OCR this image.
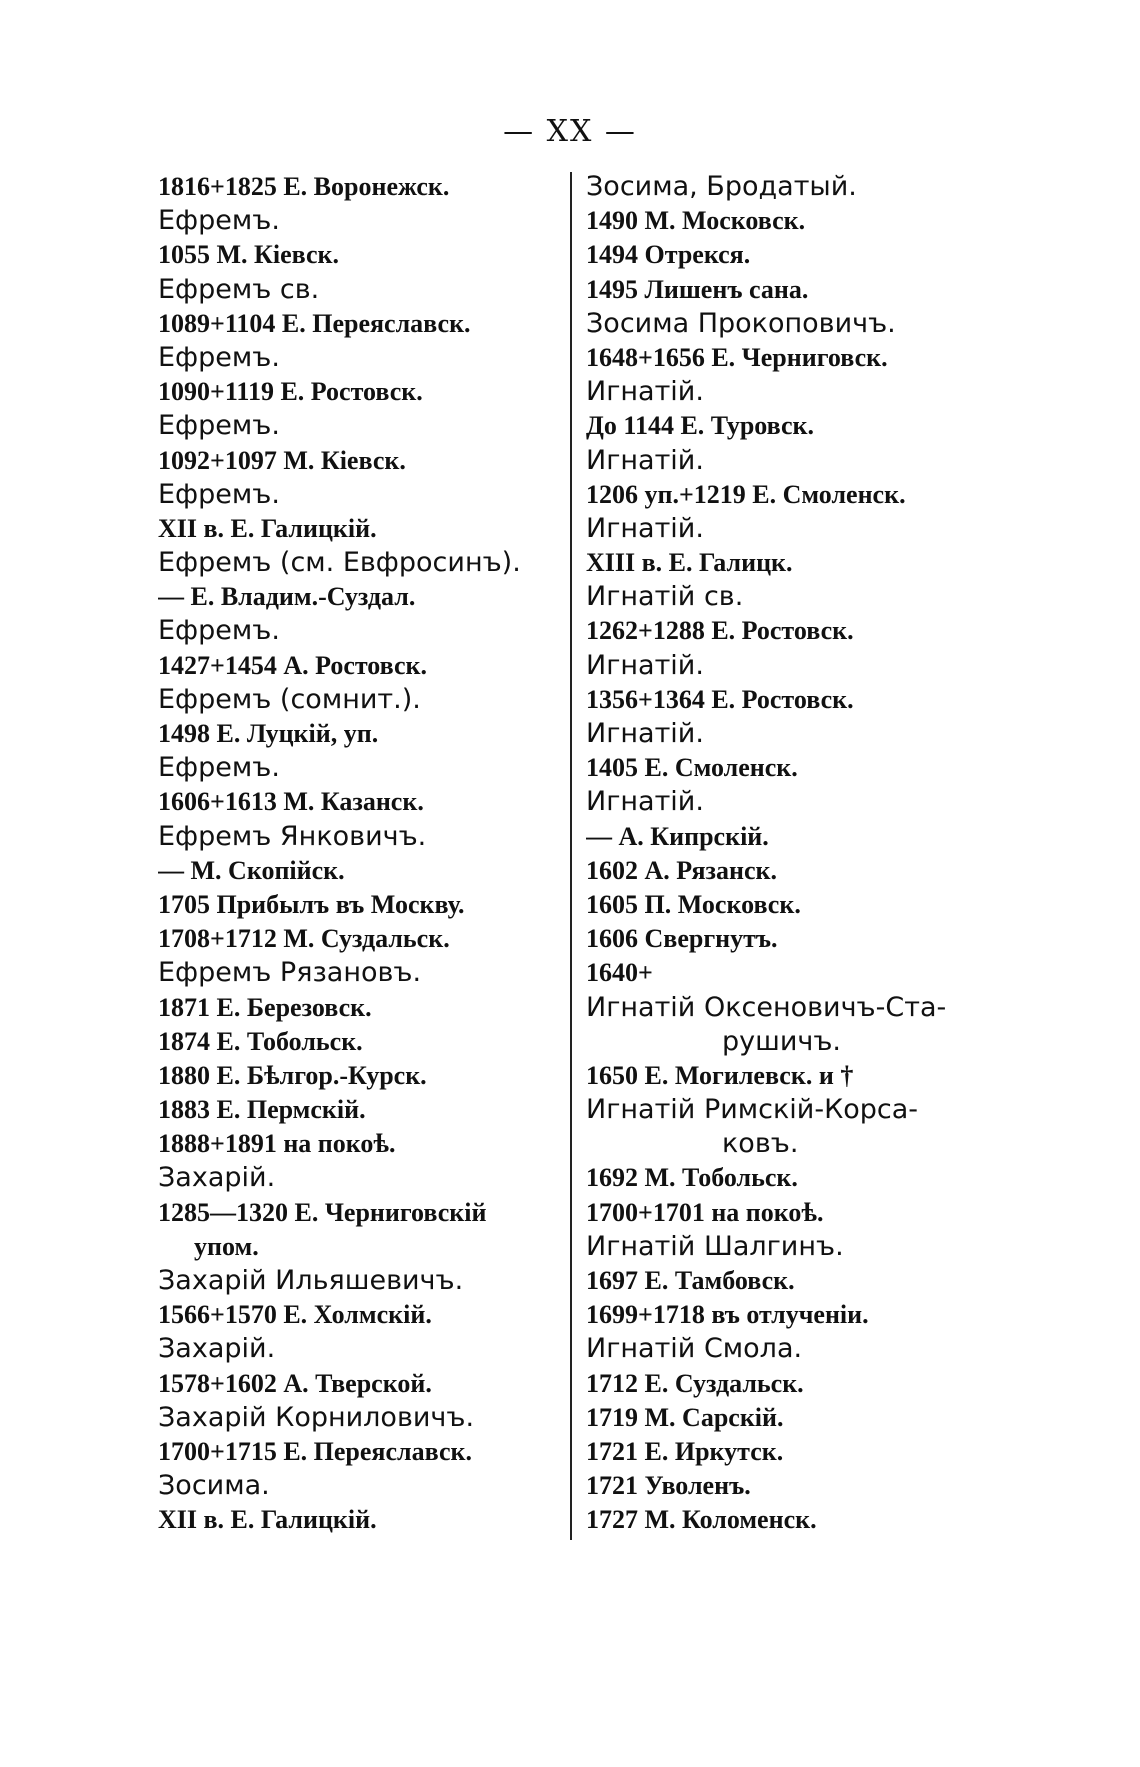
— XX —
1816+1825 Е. Воронежск.
Ефремъ.
1055 М. Кіевск.
Ефремъ св.
1089+1104 Е. Переяславск.
Ефремъ.
1090+1119 Е. Ростовск.
Ефремъ.
1092+1097 М. Кіевск.
Ефремъ.
XII в. Е. Галицкій.
Ефремъ (см. Евфросинъ).
— Е. Владим.-Суздал.
Ефремъ.
1427+1454 А. Ростовск.
Ефремъ (сомнит.).
1498 Е. Луцкій, уп.
Ефремъ.
1606+1613 М. Казанск.
Ефремъ Янковичъ.
— М. Скопійск.
1705 Прибылъ въ Москву.
1708+1712 М. Суздальск.
Ефремъ Рязановъ.
1871 Е. Березовск.
1874 Е. Тобольск.
1880 Е. Бѣлгор.-Курск.
1883 Е. Пермскій.
1888+1891 на покоѣ.
Захарій.
1285—1320 Е. Черниговскій
упом.
Захарій Ильяшевичъ.
1566+1570 Е. Холмскій.
Захарій.
1578+1602 А. Тверской.
Захарій Корниловичъ.
1700+1715 Е. Переяславск.
Зосима.
XII в. Е. Галицкій.
Зосима, Бродатый.
1490 М. Московск.
1494 Отрекся.
1495 Лишенъ сана.
Зосима Прокоповичъ.
1648+1656 Е. Черниговск.
Игнатій.
До 1144 Е. Туровск.
Игнатій.
1206 уп.+1219 Е. Смоленск.
Игнатій.
XIII в. Е. Галицк.
Игнатій св.
1262+1288 Е. Ростовск.
Игнатій.
1356+1364 Е. Ростовск.
Игнатій.
1405 Е. Смоленск.
Игнатій.
— А. Кипрскій.
1602 А. Рязанск.
1605 П. Московск.
1606 Свергнутъ.
1640+
Игнатій Оксеновичъ-Ста-
рушичъ.
1650 Е. Могилевск. и †
Игнатій Римскій-Корса-
ковъ.
1692 М. Тобольск.
1700+1701 на покоѣ.
Игнатій Шалгинъ.
1697 Е. Тамбовск.
1699+1718 въ отлученіи.
Игнатій Смола.
1712 Е. Суздальск.
1719 М. Сарскій.
1721 Е. Иркутск.
1721 Уволенъ.
1727 М. Коломенск.
